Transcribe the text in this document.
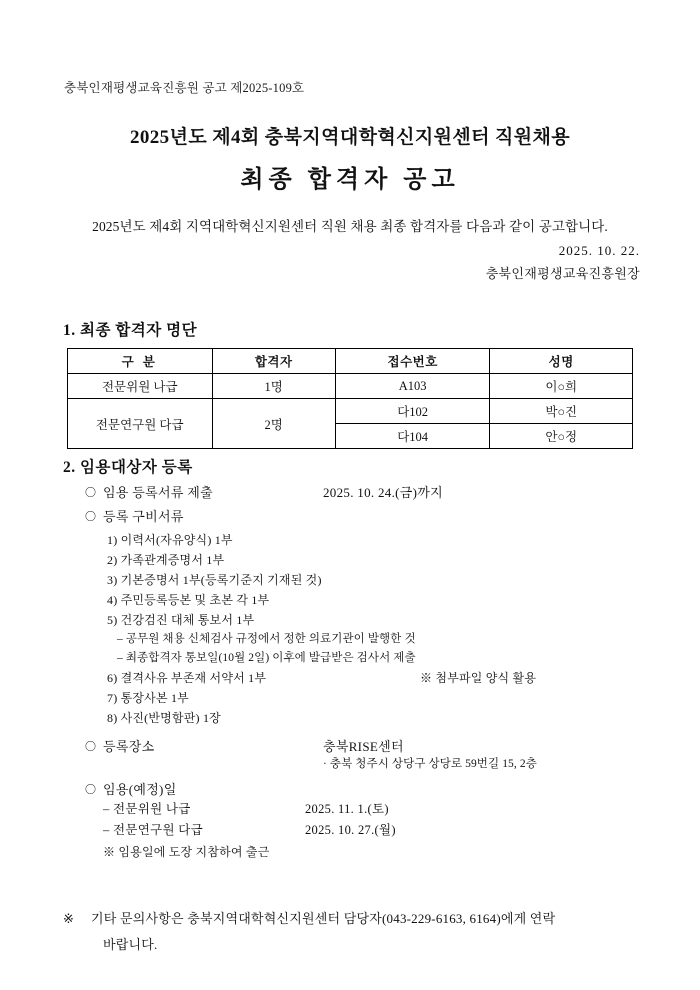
충북인재평생교육진흥원 공고 제2025-109호
2025년도 제4회 충북지역대학혁신지원센터 직원채용
최종 합격자 공고
2025년도 제4회 지역대학혁신지원센터 직원 채용 최종 합격자를 다음과 같이 공고합니다.
2025. 10. 22.
충북인재평생교육진흥원장
1. 최종 합격자 명단
구 분	합격자	접수번호	성명
전문위원 나급	1명	A103	이○희
전문연구원 다급	2명	다102	박○진
		다104	안○정
2. 임용대상자 등록
〇 임용 등록서류 제출	2025. 10. 24.(금)까지
〇 등록 구비서류
1) 이력서(자유양식) 1부
2) 가족관계증명서 1부
3) 기본증명서 1부(등록기준지 기재된 것)
4) 주민등록등본 및 초본 각 1부
5) 건강검진 대체 통보서 1부
– 공무원 채용 신체검사 규정에서 정한 의료기관이 발행한 것
– 최종합격자 통보일(10월 2일) 이후에 발급받은 검사서 제출
6) 결격사유 부존재 서약서 1부	※ 첨부파일 양식 활용
7) 통장사본 1부
8) 사진(반명함판) 1장
〇 등록장소	충북RISE센터
· 충북 청주시 상당구 상당로 59번길 15, 2층
〇 임용(예정)일
– 전문위원 나급	2025. 11. 1.(토)
– 전문연구원 다급	2025. 10. 27.(월)
※ 임용일에 도장 지참하여 출근
※ 기타 문의사항은 충북지역대학혁신지원센터 담당자(043-229-6163, 6164)에게 연락
바랍니다.
